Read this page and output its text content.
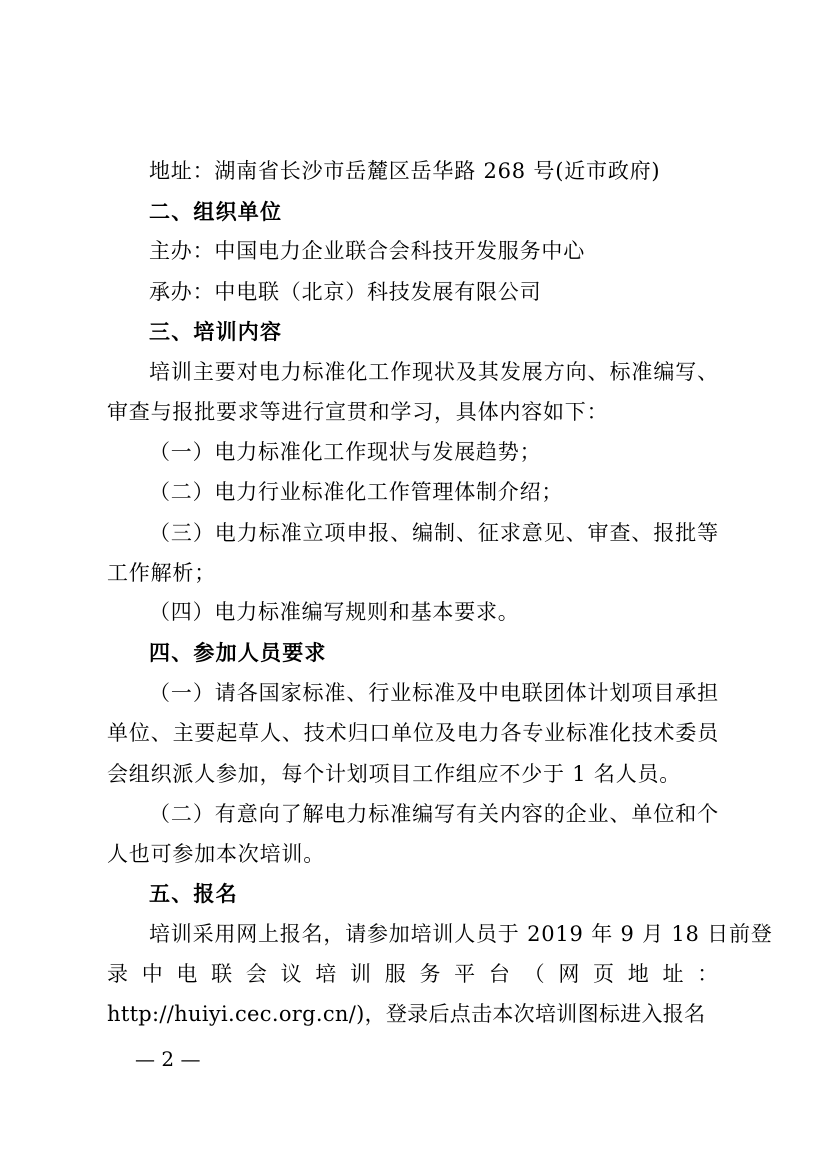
地址：湖南省长沙市岳麓区岳华路 268 号(近市政府)
二、组织单位
主办：中国电力企业联合会科技开发服务中心
承办：中电联（北京）科技发展有限公司
三、培训内容
培训主要对电力标准化工作现状及其发展方向、标准编写、
审查与报批要求等进行宣贯和学习，具体内容如下：
（一）电力标准化工作现状与发展趋势；
（二）电力行业标准化工作管理体制介绍；
（三）电力标准立项申报、编制、征求意见、审查、报批等
工作解析；
（四）电力标准编写规则和基本要求。
四、参加人员要求
（一）请各国家标准、行业标准及中电联团体计划项目承担
单位、主要起草人、技术归口单位及电力各专业标准化技术委员
会组织派人参加，每个计划项目工作组应不少于 1 名人员。
（二）有意向了解电力标准编写有关内容的企业、单位和个
人也可参加本次培训。
五、报名
培训采用网上报名，请参加培训人员于 2019 年 9 月 18 日前登
录中电联会议培训服务平台（网页地址：
http://huiyi.cec.org.cn/)，登录后点击本次培训图标进入报名
— 2 —
